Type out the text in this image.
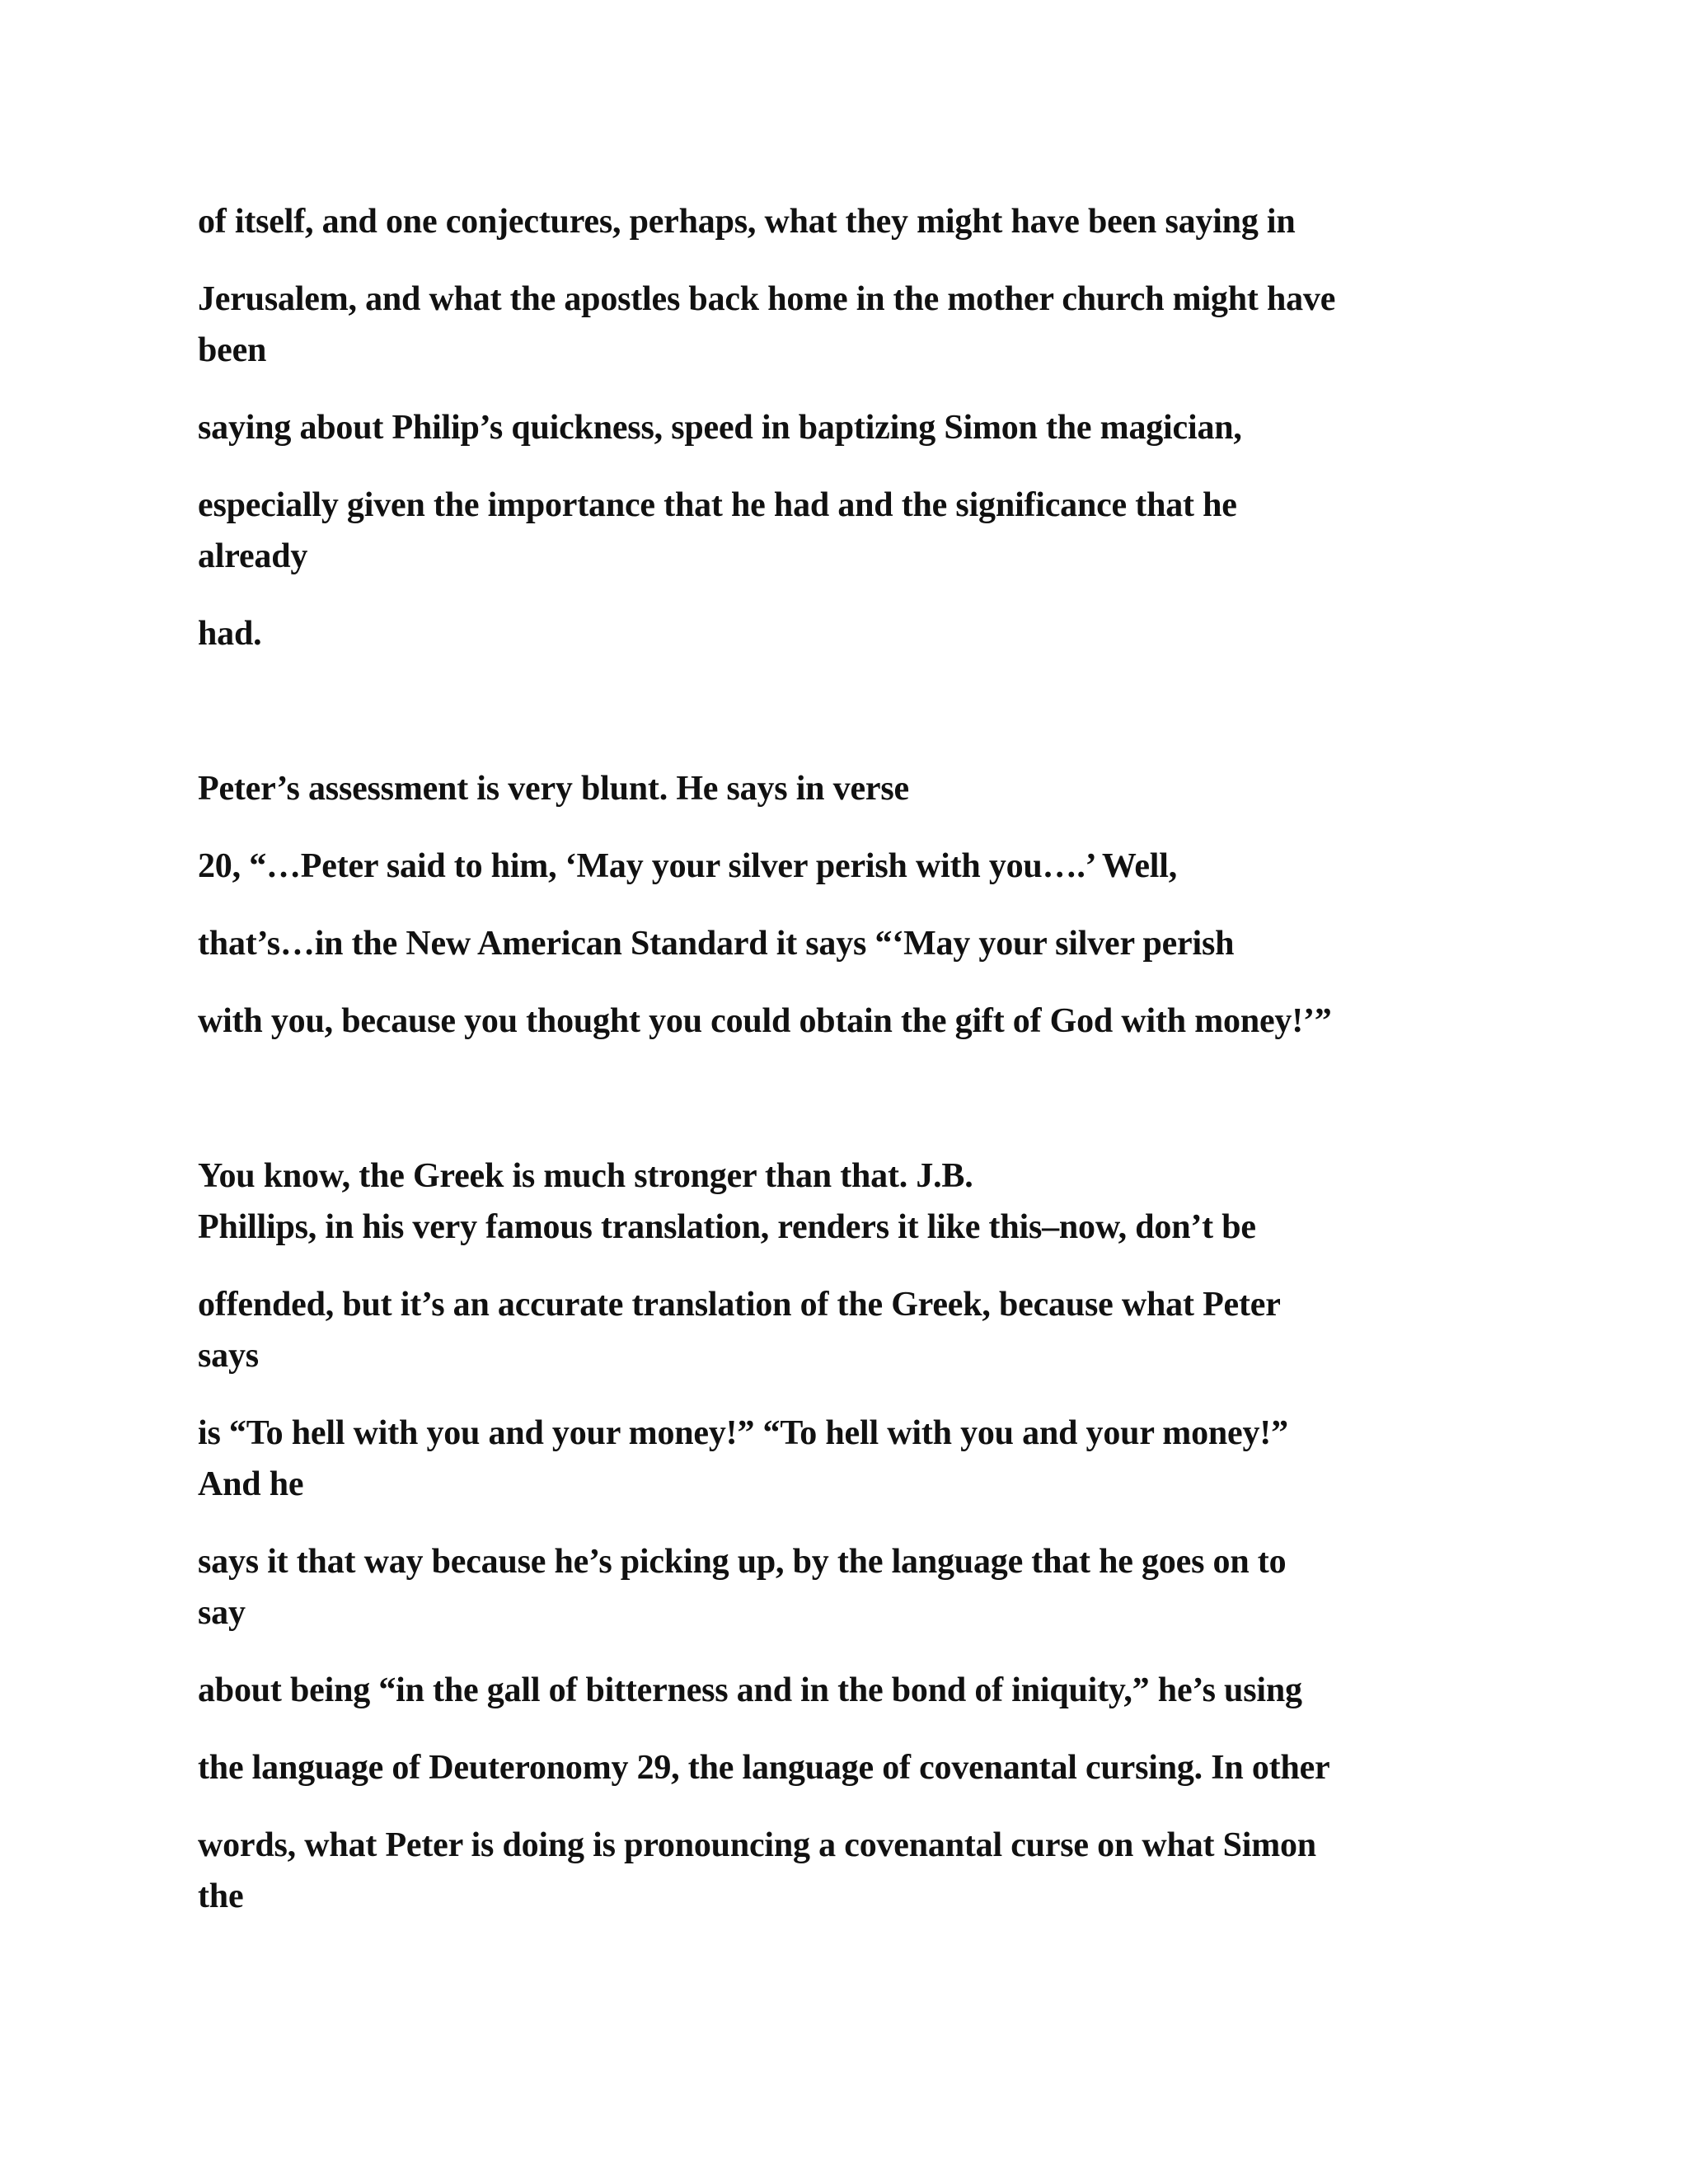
of itself, and one conjectures, perhaps, what they might have been saying in
Jerusalem, and what the apostles back home in the mother church might have
been
saying about Philip’s quickness, speed in baptizing Simon the magician,
especially given the importance that he had and the significance that he
already
had.
Peter’s assessment is very blunt. He says in verse
20, “…Peter said to him, ‘May your silver perish with you….’ Well,
that’s…in the New American Standard it says “‘May your silver perish
with you, because you thought you could obtain the gift of God with money!’”
You know, the Greek is much stronger than that. J.B.
Phillips, in his very famous translation, renders it like this–now, don’t be
offended, but it’s an accurate translation of the Greek, because what Peter
says
is “To hell with you and your money!” “To hell with you and your money!”
And he
says it that way because he’s picking up, by the language that he goes on to
say
about being “in the gall of bitterness and in the bond of iniquity,” he’s using
the language of Deuteronomy 29, the language of covenantal cursing. In other
words, what Peter is doing is pronouncing a covenantal curse on what Simon
the
